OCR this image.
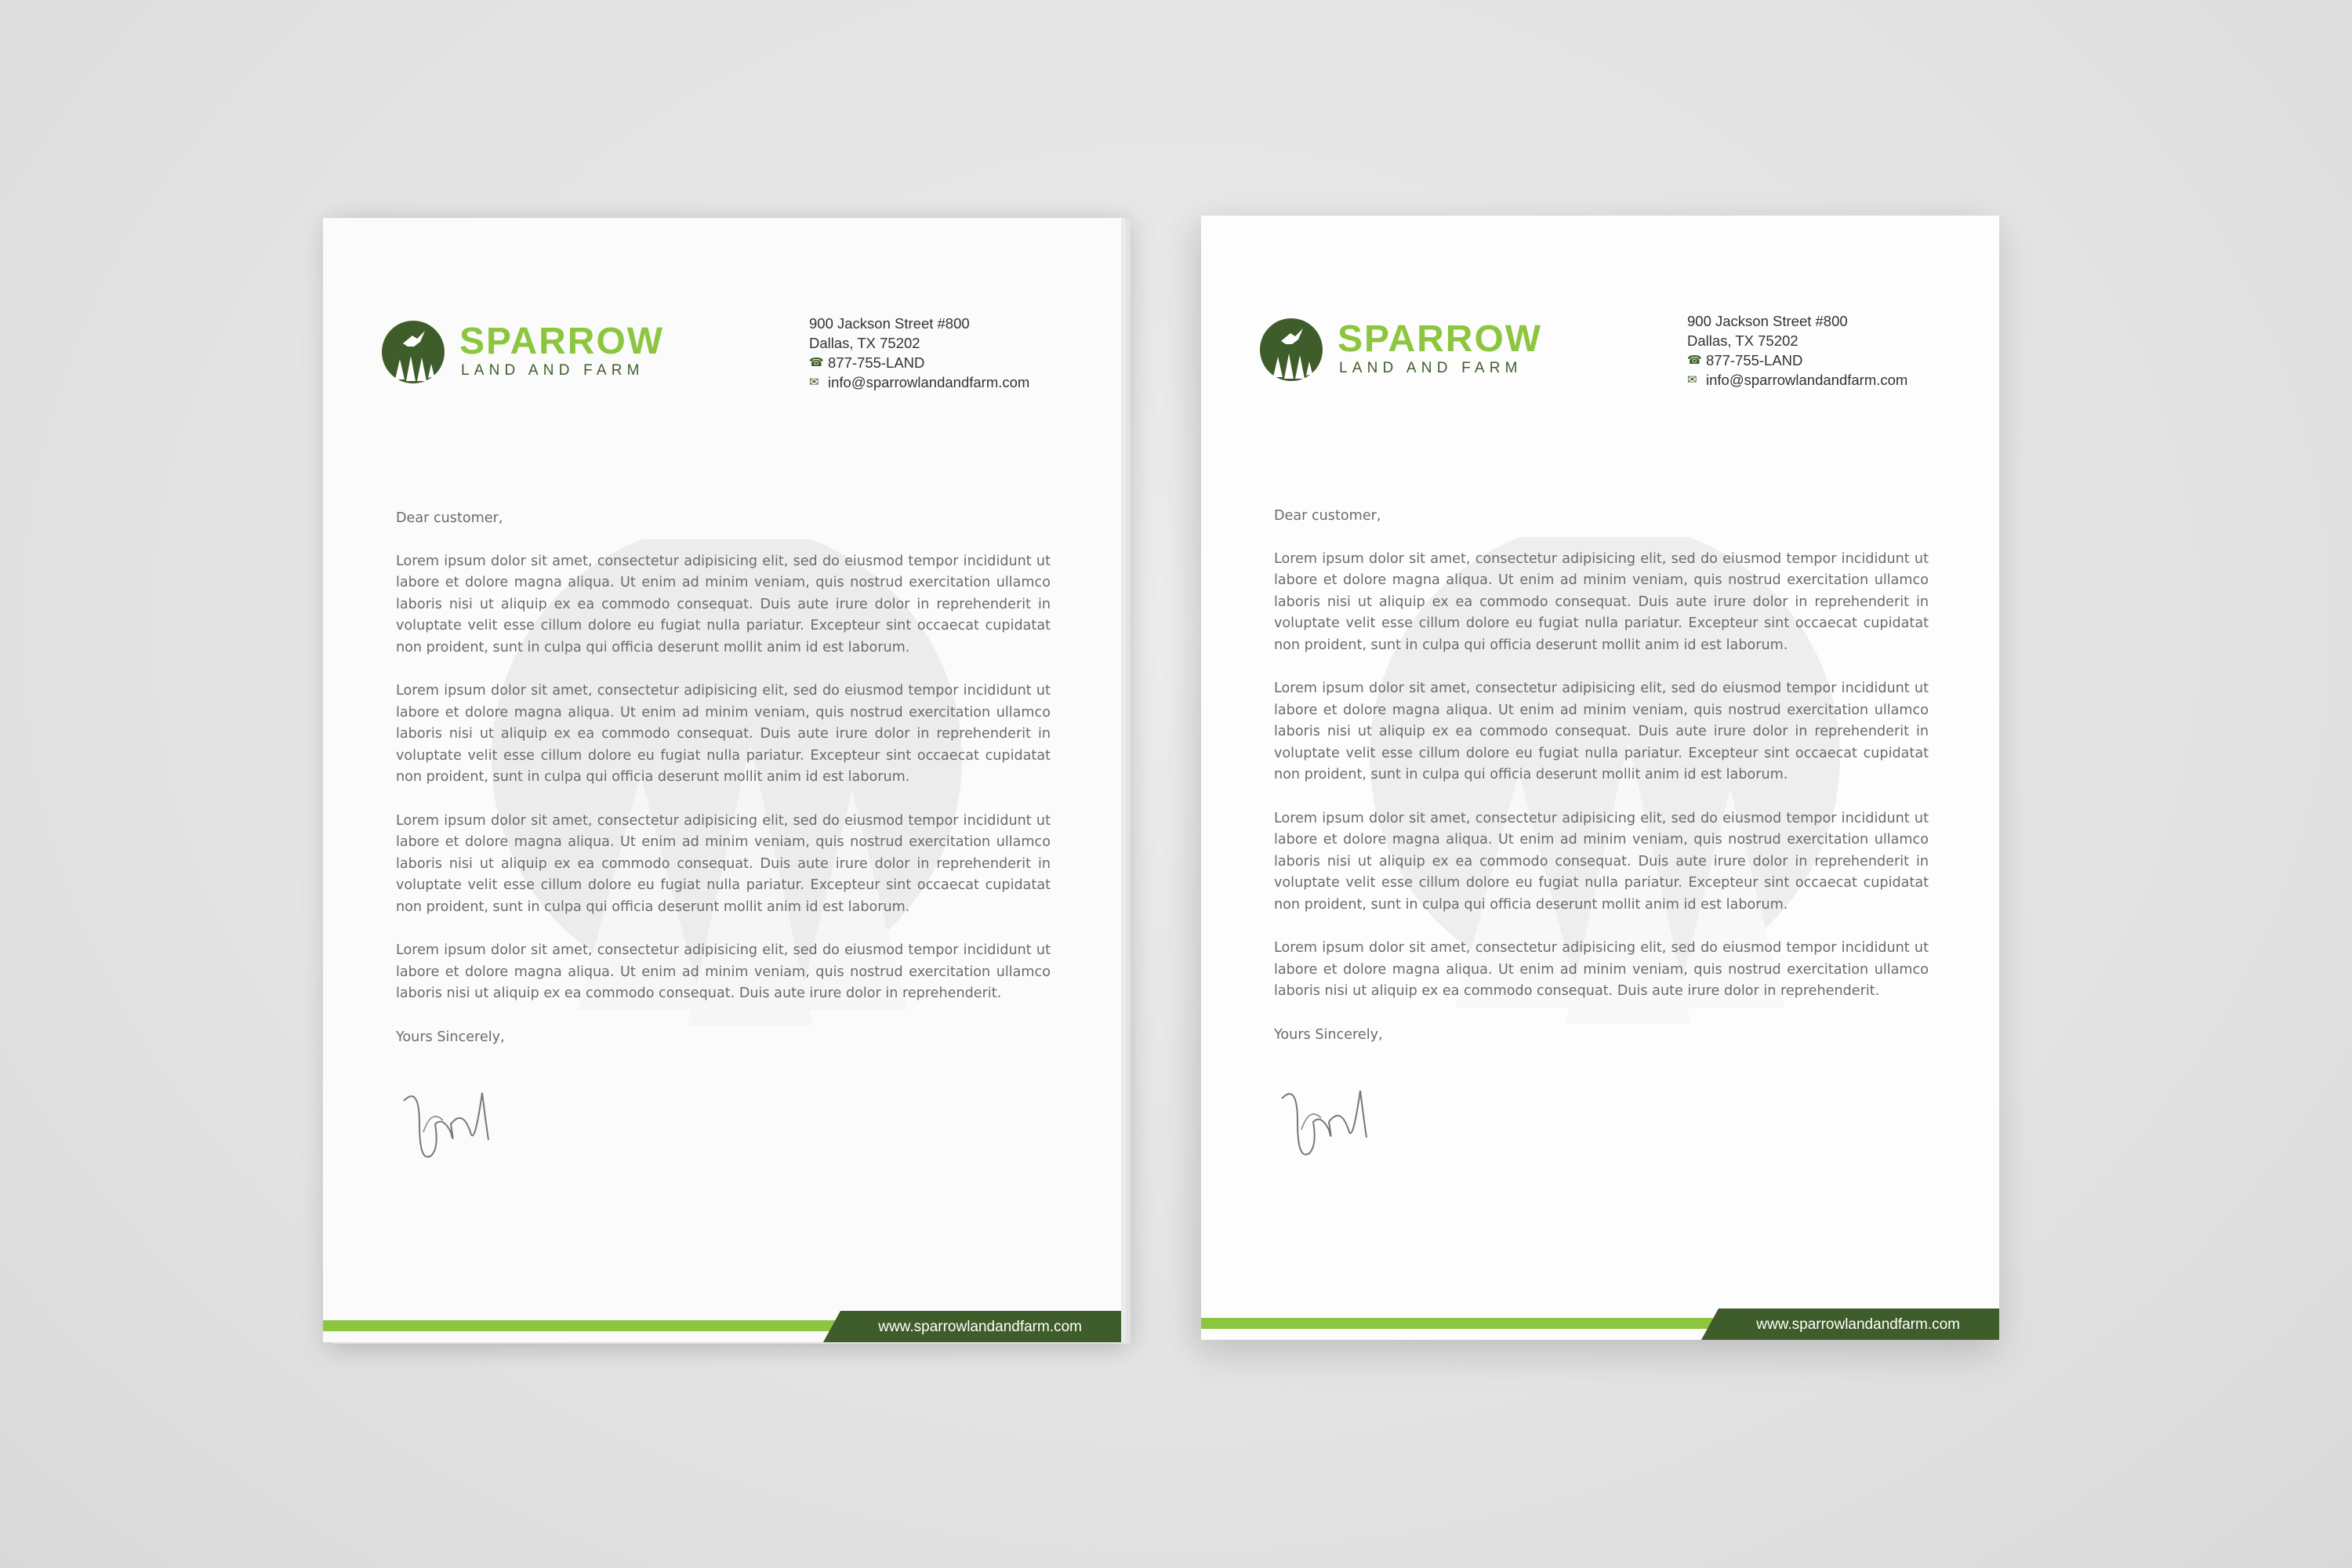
SPARROW
LAND AND FARM
900 Jackson Street #800
Dallas, TX 75202
☎ 877-755-LAND
✉ info@sparrowlandandfarm.com

Dear customer,

Lorem ipsum dolor sit amet, consectetur adipisicing elit, sed do eiusmod tempor incididunt ut labore et dolore magna aliqua. Ut enim ad minim veniam, quis nostrud exercitation ullamco laboris nisi ut aliquip ex ea commodo consequat. Duis aute irure dolor in reprehenderit in voluptate velit esse cillum dolore eu fugiat nulla pariatur. Excepteur sint occaecat cupidatat non proident, sunt in culpa qui officia deserunt mollit anim id est laborum.

Lorem ipsum dolor sit amet, consectetur adipisicing elit, sed do eiusmod tempor incididunt ut labore et dolore magna aliqua. Ut enim ad minim veniam, quis nostrud exercitation ullamco laboris nisi ut aliquip ex ea commodo consequat. Duis aute irure dolor in reprehenderit in voluptate velit esse cillum dolore eu fugiat nulla pariatur. Excepteur sint occaecat cupidatat non proident, sunt in culpa qui officia deserunt mollit anim id est laborum.

Lorem ipsum dolor sit amet, consectetur adipisicing elit, sed do eiusmod tempor incididunt ut labore et dolore magna aliqua. Ut enim ad minim veniam, quis nostrud exercitation ullamco laboris nisi ut aliquip ex ea commodo consequat. Duis aute irure dolor in reprehenderit in voluptate velit esse cillum dolore eu fugiat nulla pariatur. Excepteur sint occaecat cupidatat non proident, sunt in culpa qui officia deserunt mollit anim id est laborum.

Lorem ipsum dolor sit amet, consectetur adipisicing elit, sed do eiusmod tempor incididunt ut labore et dolore magna aliqua. Ut enim ad minim veniam, quis nostrud exercitation ullamco laboris nisi ut aliquip ex ea commodo consequat. Duis aute irure dolor in reprehenderit.

Yours Sincerely,

www.sparrowlandandfarm.com
SPARROW
LAND AND FARM
900 Jackson Street #800
Dallas, TX 75202
☎ 877-755-LAND
✉ info@sparrowlandandfarm.com

Dear customer,

Lorem ipsum dolor sit amet, consectetur adipisicing elit, sed do eiusmod tempor incididunt ut labore et dolore magna aliqua. Ut enim ad minim veniam, quis nostrud exercitation ullamco laboris nisi ut aliquip ex ea commodo consequat. Duis aute irure dolor in reprehenderit in voluptate velit esse cillum dolore eu fugiat nulla pariatur. Excepteur sint occaecat cupidatat non proident, sunt in culpa qui officia deserunt mollit anim id est laborum.

Lorem ipsum dolor sit amet, consectetur adipisicing elit, sed do eiusmod tempor incididunt ut labore et dolore magna aliqua. Ut enim ad minim veniam, quis nostrud exercitation ullamco laboris nisi ut aliquip ex ea commodo consequat. Duis aute irure dolor in reprehenderit in voluptate velit esse cillum dolore eu fugiat nulla pariatur. Excepteur sint occaecat cupidatat non proident, sunt in culpa qui officia deserunt mollit anim id est laborum.

Lorem ipsum dolor sit amet, consectetur adipisicing elit, sed do eiusmod tempor incididunt ut labore et dolore magna aliqua. Ut enim ad minim veniam, quis nostrud exercitation ullamco laboris nisi ut aliquip ex ea commodo consequat. Duis aute irure dolor in reprehenderit in voluptate velit esse cillum dolore eu fugiat nulla pariatur. Excepteur sint occaecat cupidatat non proident, sunt in culpa qui officia deserunt mollit anim id est laborum.

Lorem ipsum dolor sit amet, consectetur adipisicing elit, sed do eiusmod tempor incididunt ut labore et dolore magna aliqua. Ut enim ad minim veniam, quis nostrud exercitation ullamco laboris nisi ut aliquip ex ea commodo consequat. Duis aute irure dolor in reprehenderit.

Yours Sincerely,

www.sparrowlandandfarm.com
